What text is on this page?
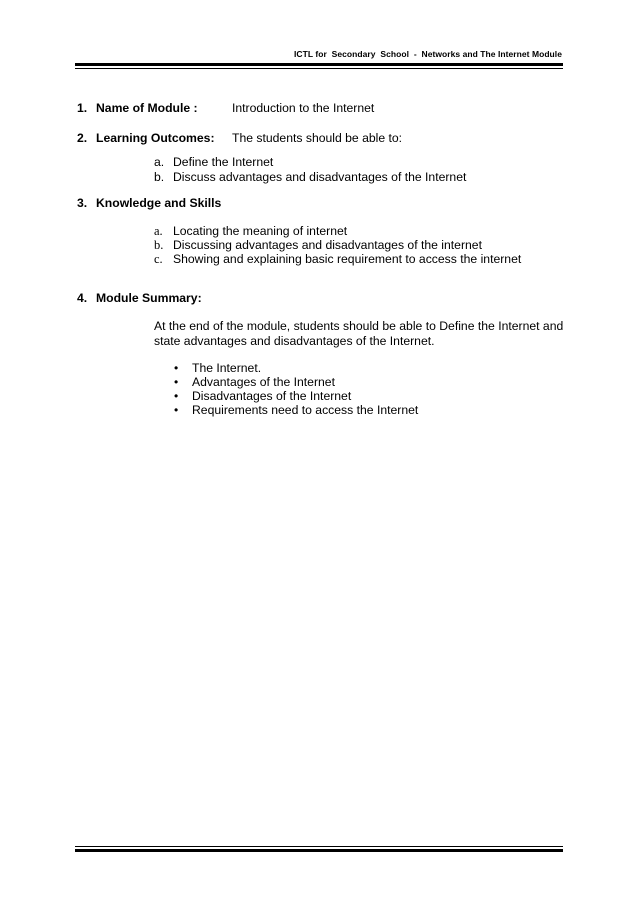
ICTL for  Secondary  School  -  Networks and The Internet Module
1. Name of Module :	Introduction to the Internet
2. Learning Outcomes: The students should be able to:
a. Define the Internet
b. Discuss advantages and disadvantages of the Internet
3. Knowledge and Skills
a. Locating the meaning of internet
b. Discussing advantages and disadvantages of the internet
c. Showing and explaining basic requirement to access the internet
4. Module Summary:
At the end of the module, students should be able to Define the Internet and
state advantages and disadvantages of the Internet.
• The Internet.
• Advantages of the Internet
• Disadvantages of the Internet
• Requirements need to access the Internet
